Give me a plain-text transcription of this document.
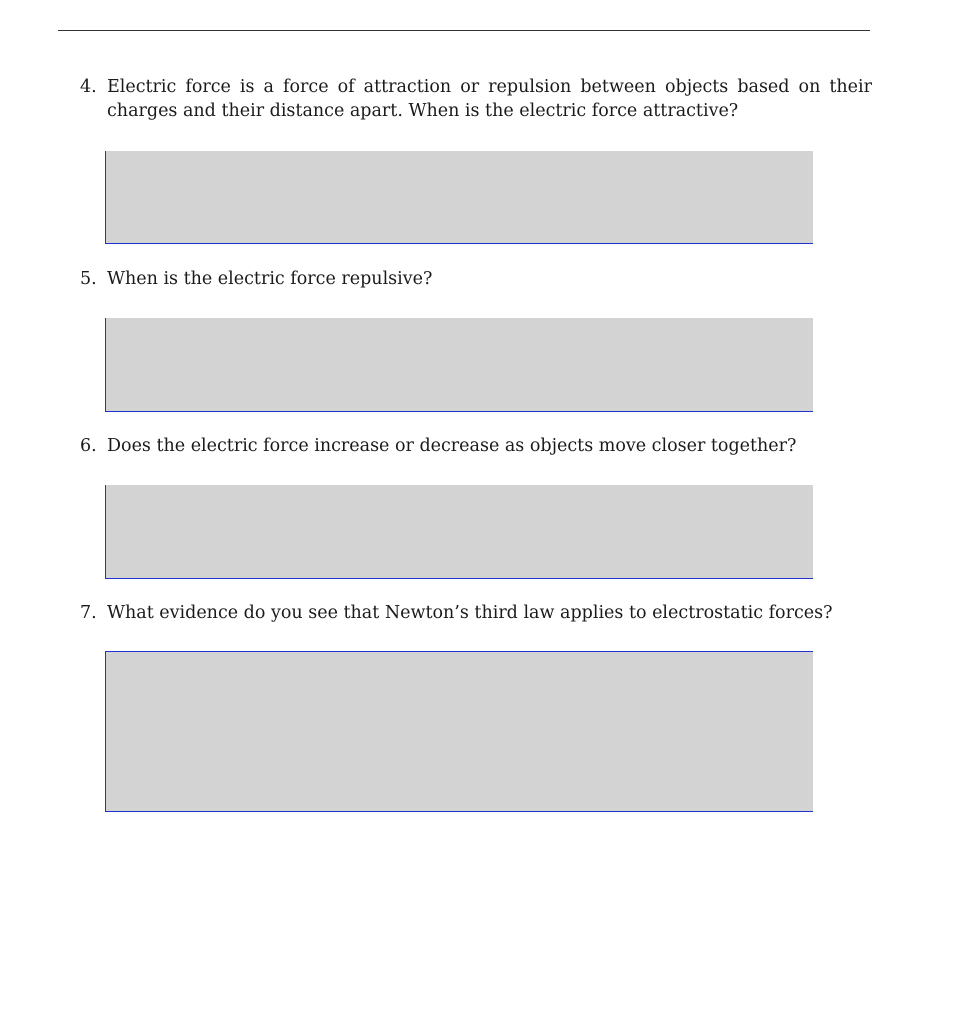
4. Electric force is a force of attraction or repulsion between objects based on their charges and their distance apart. When is the electric force attractive?
5. When is the electric force repulsive?
6. Does the electric force increase or decrease as objects move closer together?
7. What evidence do you see that Newton’s third law applies to electrostatic forces?
